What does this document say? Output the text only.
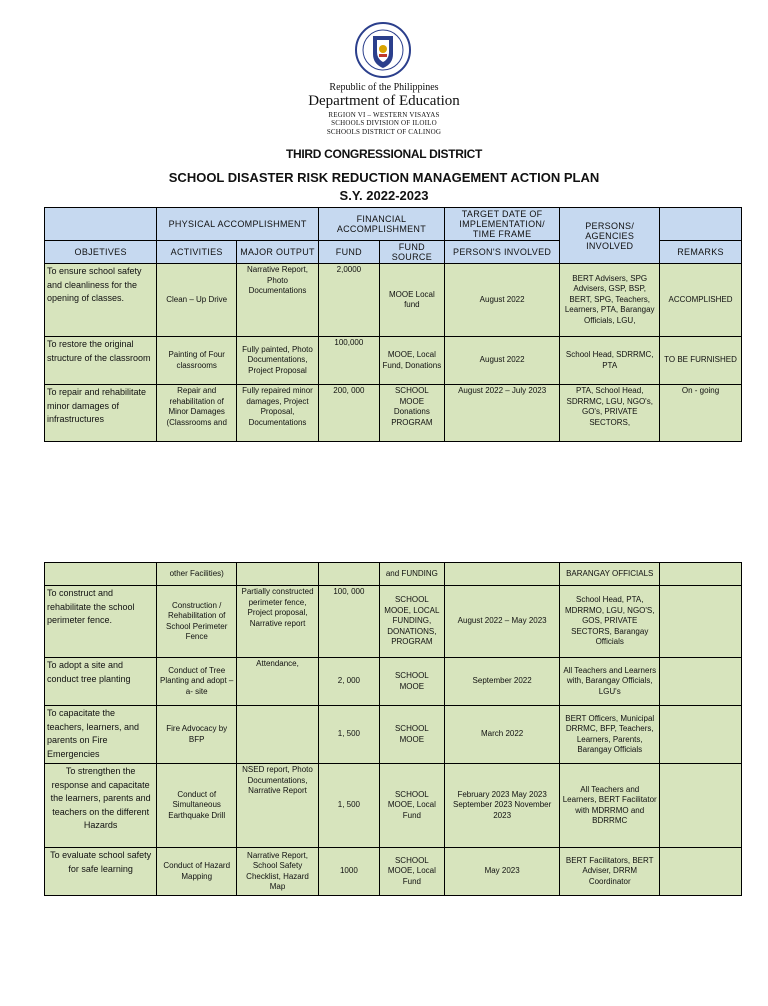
Republic of the Philippines
Department of Education
REGION VI – WESTERN VISAYAS
SCHOOLS DIVISION OF ILOILO
SCHOOLS DISTRICT OF CALINOG
THIRD CONGRESSIONAL DISTRICT
SCHOOL DISASTER RISK REDUCTION MANAGEMENT ACTION PLAN
S.Y. 2022-2023
	PHYSICAL ACCOMPLISHMENT		FINANCIAL ACCOMPLISHMENT		TARGET DATE OF IMPLEMENTATION/ TIME FRAME	PERSONS/ AGENCIES INVOLVED	
OBJETIVES	ACTIVITIES	MAJOR OUTPUT	FUND	FUND SOURCE	PERSON'S INVOLVED		REMARKS
To ensure school safety and cleanliness for the opening of classes.	Clean – Up Drive	Narrative Report, Photo Documentations	2,0000	MOOE Local fund	August 2022	BERT Advisers, SPG Advisers, GSP, BSP, BERT, SPG, Teachers, Learners, PTA, Barangay Officials, LGU,	ACCOMPLISHED
To restore the original structure of the classroom	Painting of Four classrooms	Fully painted, Photo Documentations, Project Proposal	100,000	MOOE, Local Fund, Donations	August 2022	School Head, SDRRMC, PTA	TO BE FURNISHED
To repair and rehabilitate minor damages of infrastructures	Repair and rehabilitation of Minor Damages (Classrooms and	Fully repaired minor damages, Project Proposal, Documentations	200, 000	SCHOOL MOOE Donations PROGRAM	August 2022 – July 2023	PTA, School Head, SDRRMC, LGU, NGO's, GO's, PRIVATE SECTORS,	On - going
	other Facilities)			and FUNDING		BARANGAY OFFICIALS	
To construct and rehabilitate the school perimeter fence.	Construction / Rehabilitation of School Perimeter Fence	Partially constructed perimeter fence, Project proposal, Narrative report	100, 000	SCHOOL MOOE, LOCAL FUNDING, DONATIONS, PROGRAM	August 2022 – May 2023	School Head, PTA, MDRRMO, LGU, NGO'S, GOS, PRIVATE SECTORS, Barangay Officials	
To adopt a site and conduct tree planting	Conduct of Tree Planting and adopt – a- site	Attendance,	2, 000	SCHOOL MOOE	September 2022	All Teachers and Learners with, Barangay Officials, LGU's	
To capacitate the teachers, learners, and parents on Fire Emergencies	Fire Advocacy by BFP		1, 500	SCHOOL MOOE	March 2022	BERT Officers, Municipal DRRMC, BFP, Teachers, Learners, Parents, Barangay Officials	
To strengthen the response and capacitate the learners, parents and teachers on the different Hazards	Conduct of Simultaneous Earthquake Drill	NSED report, Photo Documentations, Narrative Report	1, 500	SCHOOL MOOE, Local Fund	February 2023 May 2023 September 2023 November 2023	All Teachers and Learners, BERT Facilitator with MDRRMO and BDRRMC	
To evaluate school safety for safe learning	Conduct of Hazard Mapping	Narrative Report, School Safety Checklist, Hazard Map	1000	SCHOOL MOOE, Local Fund	May 2023	BERT Facilitators, BERT Adviser, DRRM Coordinator	
